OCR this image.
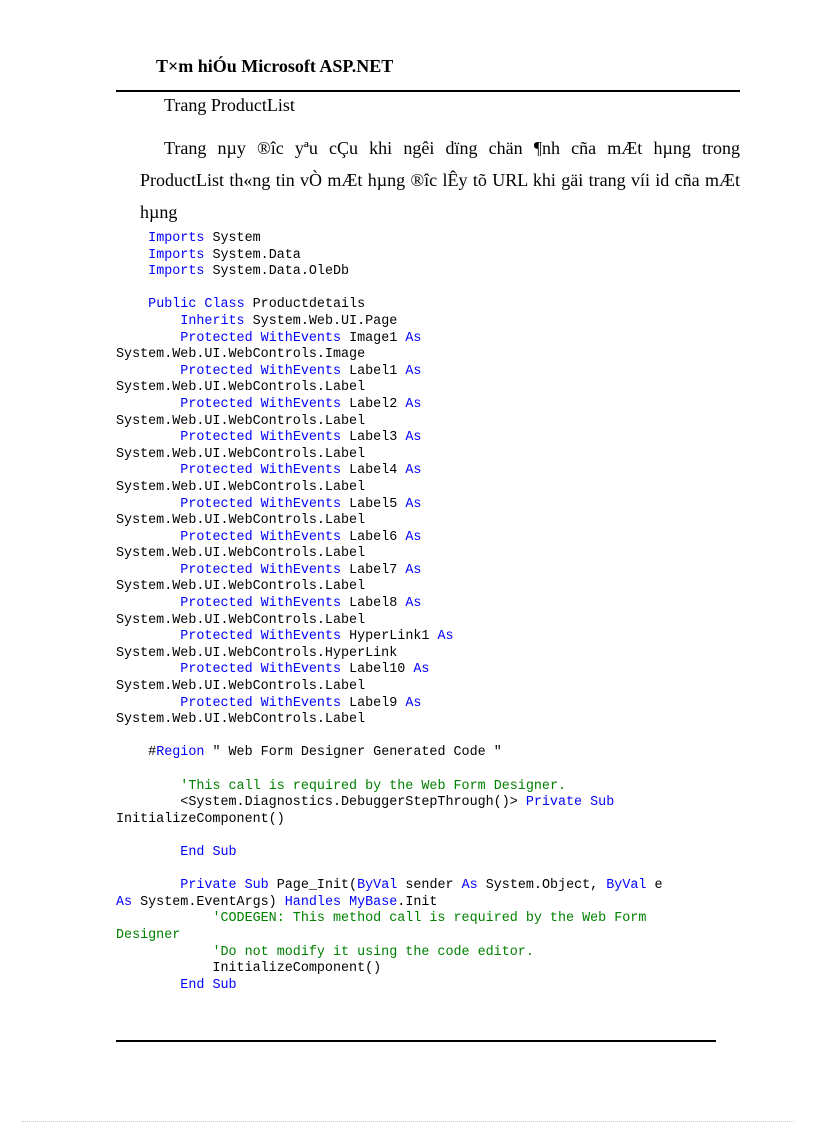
T×m hiÓu Microsoft ASP.NET
Trang ProductList
Trang nµy ®îc yªu cÇu khi ngêi dïng chän ¶nh cña mÆt hµng trong ProductList th«ng tin vÒ mÆt hµng ®îc lÊy tõ URL khi gäi trang víi id cña mÆt hµng
Imports System
Imports System.Data
Imports System.Data.OleDb
Public Class Productdetails
Inherits System.Web.UI.Page
Protected WithEvents Image1 As
System.Web.UI.WebControls.Image
Protected WithEvents Label1 As
System.Web.UI.WebControls.Label
Protected WithEvents Label2 As
System.Web.UI.WebControls.Label
Protected WithEvents Label3 As
System.Web.UI.WebControls.Label
Protected WithEvents Label4 As
System.Web.UI.WebControls.Label
Protected WithEvents Label5 As
System.Web.UI.WebControls.Label
Protected WithEvents Label6 As
System.Web.UI.WebControls.Label
Protected WithEvents Label7 As
System.Web.UI.WebControls.Label
Protected WithEvents Label8 As
System.Web.UI.WebControls.Label
Protected WithEvents HyperLink1 As
System.Web.UI.WebControls.HyperLink
Protected WithEvents Label10 As
System.Web.UI.WebControls.Label
Protected WithEvents Label9 As
System.Web.UI.WebControls.Label
#Region " Web Form Designer Generated Code "
'This call is required by the Web Form Designer.
<System.Diagnostics.DebuggerStepThrough()> Private Sub
InitializeComponent()
End Sub
Private Sub Page_Init(ByVal sender As System.Object, ByVal e
As System.EventArgs) Handles MyBase.Init
'CODEGEN: This method call is required by the Web Form
Designer
'Do not modify it using the code editor.
InitializeComponent()
End Sub
